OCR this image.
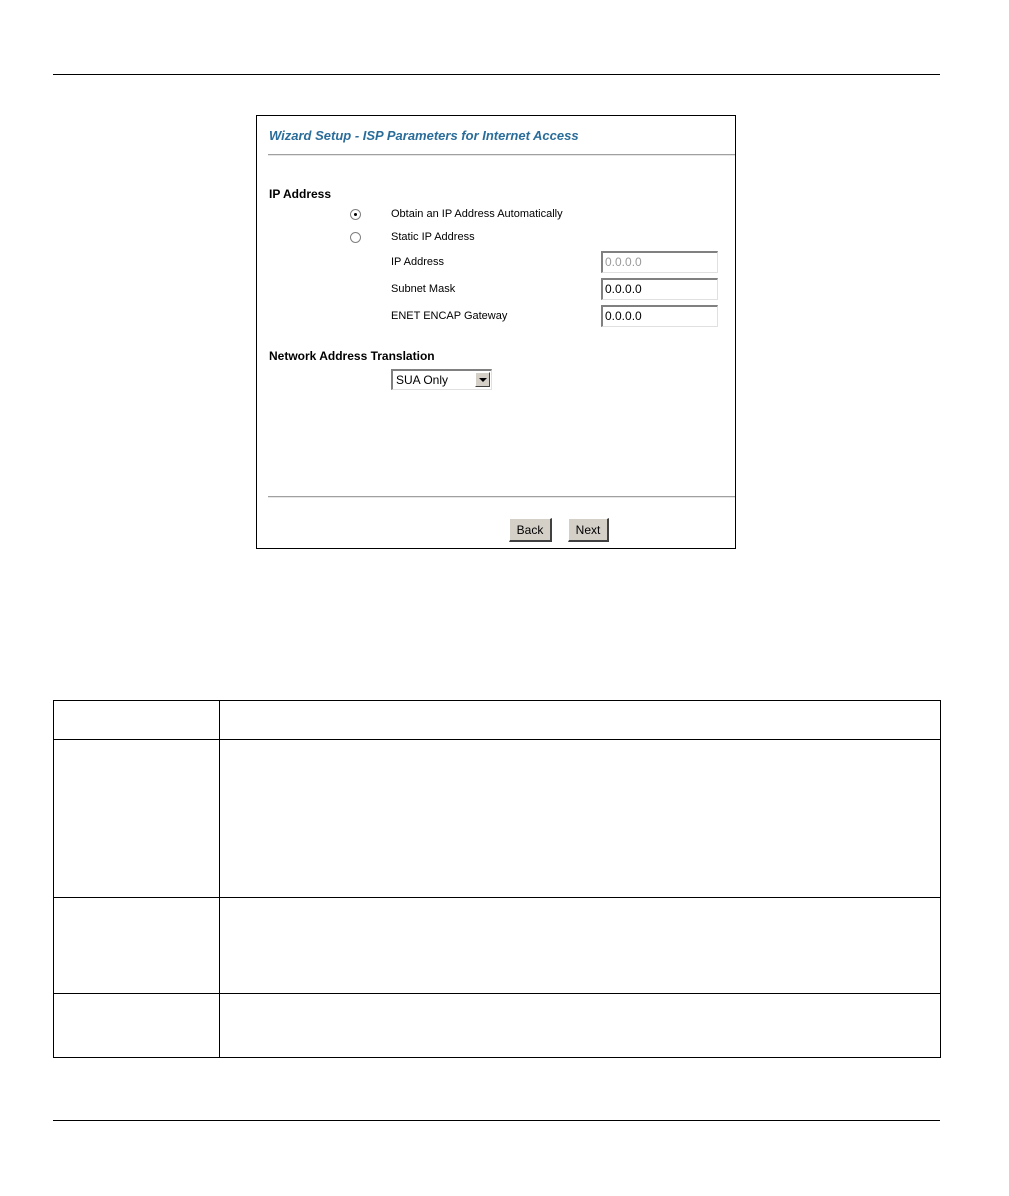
Wizard Setup - ISP Parameters for Internet Access
IP Address
Obtain an IP Address Automatically
Static IP Address
IP Address	0.0.0.0
Subnet Mask	0.0.0.0
ENET ENCAP Gateway	0.0.0.0
Network Address Translation
SUA Only
Back	Next
